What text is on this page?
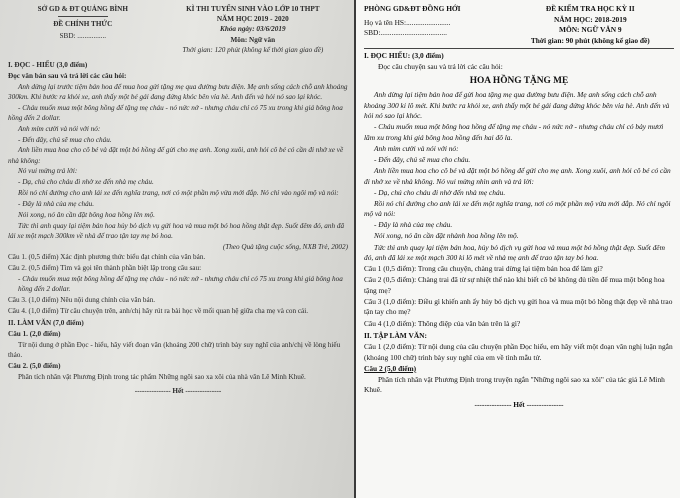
SỞ GD & ĐT QUẢNG BÌNH
ĐỀ CHÍNH THỨC
SBD: ................
KÌ THI TUYỂN SINH VÀO LỚP 10 THPT
NĂM HỌC 2019 - 2020
Khóa ngày: 03/6/2019
Môn: Ngữ văn
Thời gian: 120 phút (không kể thời gian giao đề)
I. ĐỌC - HIỂU (3,0 điểm)
Đọc văn bản sau và trả lời các câu hỏi:
Anh dừng lại trước tiệm bán hoa để mua hoa gửi tặng mẹ qua đường bưu điện. Mẹ anh sống cách chỗ anh khoảng 300km. Khi bước ra khỏi xe, anh thấy một bé gái đang đứng khóc bên vỉa hè. Anh đến và hỏi nó sao lại khóc.
- Cháu muốn mua một bông hồng để tặng mẹ cháu - nó nức nở - nhưng cháu chỉ có 75 xu trong khi giá bông hoa hồng đến 2 dollar.
Anh mỉm cười và nói với nó:
- Đến đây, chú sẽ mua cho cháu.
Anh liền mua hoa cho cô bé và đặt một bó hồng để gửi cho mẹ anh. Xong xuôi, anh hỏi cô bé có cần đi nhờ xe về nhà không:
Nó vui mừng trả lời:
- Dạ, chú cho cháu đi nhờ xe đến nhà mẹ cháu.
Rồi nó chỉ đường cho anh lái xe đến nghĩa trang, nơi có một phần mộ vừa mới đắp. Nó chỉ vào ngôi mộ và nói:
- Đây là nhà của mẹ cháu.
Nói xong, nó ân cần đặt bông hoa hồng lên mộ.
Tức thì anh quay lại tiệm bán hoa hủy bỏ dịch vụ gửi hoa và mua một bó hoa hồng thật đẹp. Suốt đêm đó, anh đã lái xe một mạch 300km về nhà để trao tận tay mẹ bó hoa.
(Theo Quà tặng cuộc sống, NXB Trẻ, 2002)
Câu 1. (0,5 điểm) Xác định phương thức biểu đạt chính của văn bản.
Câu 2. (0,5 điểm) Tìm và gọi tên thành phần biệt lập trong câu sau:
- Cháu muốn mua một bông hồng để tặng mẹ cháu - nó nức nở - nhưng cháu chỉ có 75 xu trong khi giá bông hoa hồng đến 2 dollar.
Câu 3. (1,0 điểm) Nêu nội dung chính của văn bản.
Câu 4. (1,0 điểm) Từ câu chuyện trên, anh/chị hãy rút ra bài học về mối quan hệ giữa cha mẹ và con cái.
II. LÀM VĂN (7,0 điểm)
Câu 1. (2,0 điểm)
Từ nội dung ở phần Đọc - hiểu, hãy viết đoạn văn (khoảng 200 chữ) trình bày suy nghĩ của anh/chị về lòng hiếu thảo.
Câu 2. (5,0 điểm)
Phân tích nhân vật Phương Định trong tác phẩm Những ngôi sao xa xôi của nhà văn Lê Minh Khuê.
--------------- Hết ---------------
PHÒNG GD&ĐT ĐỒNG HỚI
Họ và tên HS:........................
SBD:....................................
ĐỀ KIỂM TRA HỌC KỲ II
NĂM HỌC: 2018-2019
MÔN: NGỮ VĂN 9
Thời gian: 90 phút (không kể giao đề)
I. ĐỌC HIỂU: (3,0 điểm)
Đọc câu chuyện sau và trả lời các câu hỏi:
HOA HỒNG TẶNG MẸ
Anh dừng lại tiệm bán hoa để gửi hoa tặng mẹ qua đường bưu điện. Mẹ anh sống cách chỗ anh khoảng 300 ki lô mét. Khi bước ra khỏi xe, anh thấy một bé gái đang đứng khóc bên vỉa hè. Anh đến và hỏi nó sao lại khóc.
- Cháu muốn mua một bông hoa hồng để tặng mẹ cháu - nó nức nở - nhưng cháu chỉ có bảy mươi lăm xu trong khi giá bông hoa hồng đến hai đô la.
Anh mỉm cười và nói với nó:
- Đến đây, chú sẽ mua cho cháu.
Anh liền mua hoa cho cô bé và đặt một bó hồng để gửi cho mẹ anh. Xong xuôi, anh hỏi cô bé có cần đi nhờ xe về nhà không. Nó vui mừng nhìn anh và trả lời:
- Dạ, chú cho cháu đi nhờ đến nhà mẹ cháu.
Rồi nó chỉ đường cho anh lái xe đến một nghĩa trang, nơi có một phần mộ vừa mới đắp. Nó chỉ ngôi mộ và nói:
- Đây là nhà của mẹ cháu.
Nói xong, nó ân cần đặt nhành hoa hồng lên mộ.
Tức thì anh quay lại tiệm bán hoa, hủy bỏ dịch vụ gửi hoa và mua một bó hồng thật đẹp. Suốt đêm đó, anh đã lái xe một mạch 300 ki lô mét về nhà mẹ anh để trao tận tay bó hoa.
Câu 1 (0,5 điểm): Trong câu chuyện, chàng trai dừng lại tiệm bán hoa để làm gì?
Câu 2 (0,5 điểm): Chàng trai đã từ sự nhiệt thể nào khi biết cô bé không đủ tiền để mua một bông hoa tặng mẹ?
Câu 3 (1,0 điểm): Điều gì khiến anh ấy hủy bỏ dịch vụ gửi hoa và mua một bó hồng thật đẹp về nhà trao tận tay cho mẹ?
Câu 4 (1,0 điểm): Thông điệp của văn bản trên là gì?
II. TẬP LÀM VĂN:
Câu 1 (2,0 điểm): Từ nội dung của câu chuyện phần Đọc hiểu, em hãy viết một đoạn văn nghị luận ngắn (khoảng 100 chữ) trình bày suy nghĩ của em về tình mẫu tử.
Câu 2 (5,0 điểm)
Phân tích nhân vật Phương Định trong truyện ngắn "Những ngôi sao xa xôi" của tác giả Lê Minh Khuê.
--------------- Hết ---------------
